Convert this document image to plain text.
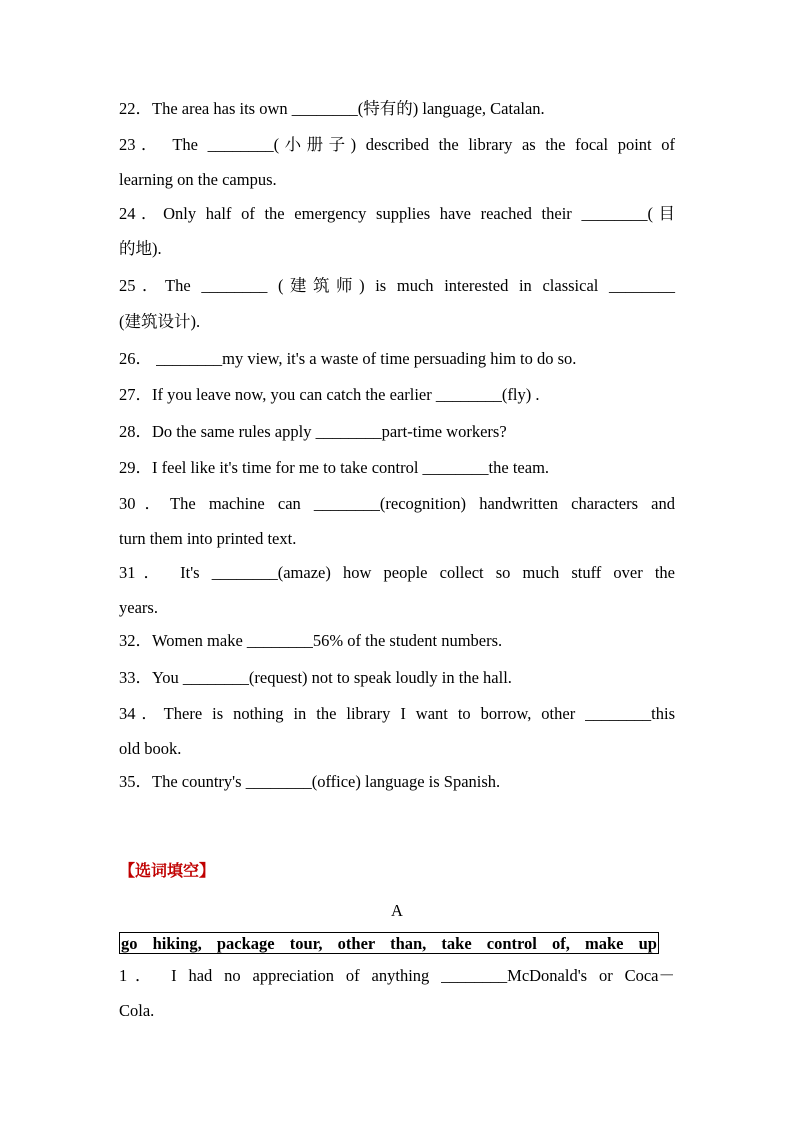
22．The area has its own ________(特有的) language, Catalan.
23． The ________(小册子) described the library as the focal point of
learning on the campus.
24．Only half of the emergency supplies have reached their ________(目
的地).
25．The ________ (建筑师) is much interested in classical ________
(建筑设计).
26． ________my view, it's a waste of time persuading him to do so.
27．If you leave now, you can catch the earlier ________(fly) .
28．Do the same rules apply ________part-time workers?
29．I feel like it's time for me to take control ________the team.
30．The machine can ________(recognition) handwritten characters and
turn them into printed text.
31． It's ________(amaze) how people collect so much stuff over the
years.
32．Women make ________56% of the student numbers.
33．You ________(request) not to speak loudly in the hall.
34．There is nothing in the library I want to borrow, other ________this
old book.
35．The country's ________(office) language is Spanish.
【选词填空】
A
go hiking, package tour, other than, take control of, make up
1． I had no appreciation of anything ________McDonald's or Coca－
Cola.
